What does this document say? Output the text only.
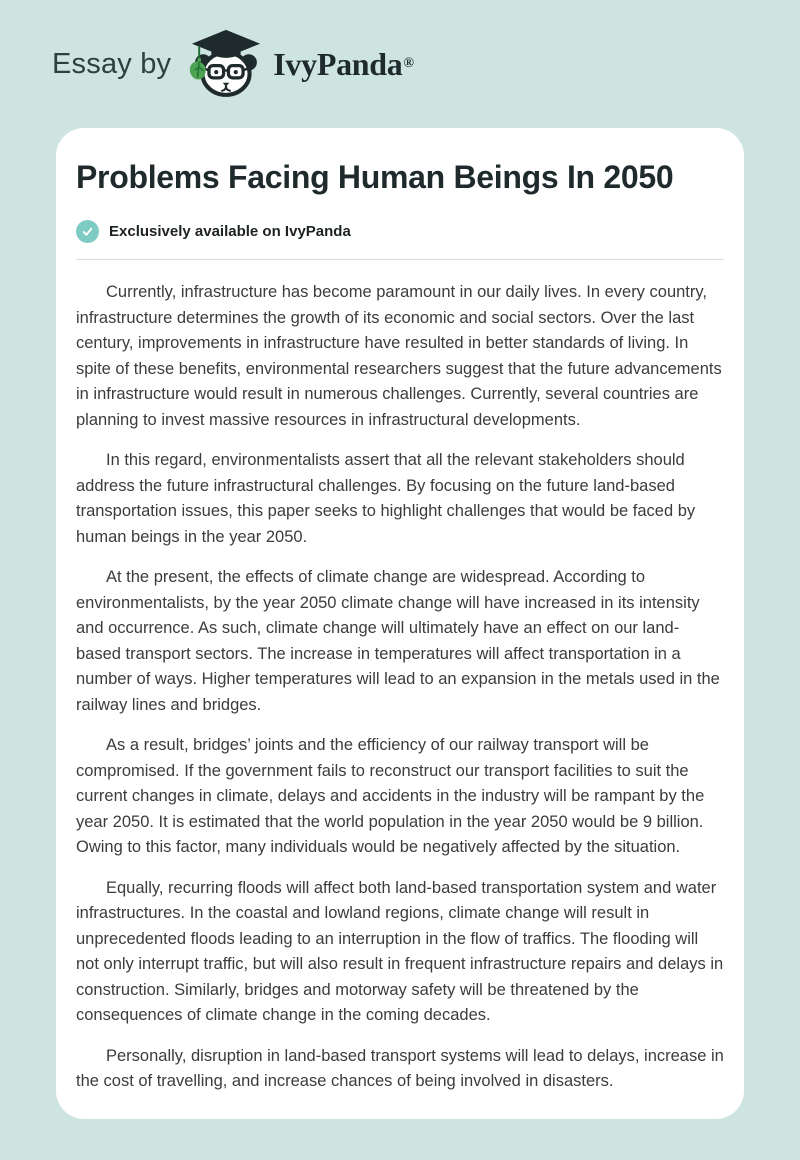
Essay by	IvyPanda ®
Problems Facing Human Beings In 2050
Exclusively available on IvyPanda

Currently, infrastructure has become paramount in our daily lives. In every country, infrastructure determines the growth of its economic and social sectors. Over the last century, improvements in infrastructure have resulted in better standards of living. In spite of these benefits, environmental researchers suggest that the future advancements in infrastructure would result in numerous challenges. Currently, several countries are planning to invest massive resources in infrastructural developments.

In this regard, environmentalists assert that all the relevant stakeholders should address the future infrastructural challenges. By focusing on the future land-based transportation issues, this paper seeks to highlight challenges that would be faced by human beings in the year 2050.

At the present, the effects of climate change are widespread. According to environmentalists, by the year 2050 climate change will have increased in its intensity and occurrence. As such, climate change will ultimately have an effect on our land-based transport sectors. The increase in temperatures will affect transportation in a number of ways. Higher temperatures will lead to an expansion in the metals used in the railway lines and bridges.

As a result, bridges’ joints and the efficiency of our railway transport will be compromised. If the government fails to reconstruct our transport facilities to suit the current changes in climate, delays and accidents in the industry will be rampant by the year 2050. It is estimated that the world population in the year 2050 would be 9 billion. Owing to this factor, many individuals would be negatively affected by the situation.

Equally, recurring floods will affect both land-based transportation system and water infrastructures. In the coastal and lowland regions, climate change will result in unprecedented floods leading to an interruption in the flow of traffics. The flooding will not only interrupt traffic, but will also result in frequent infrastructure repairs and delays in construction. Similarly, bridges and motorway safety will be threatened by the consequences of climate change in the coming decades.

Personally, disruption in land-based transport systems will lead to delays, increase in the cost of travelling, and increase chances of being involved in disasters.
